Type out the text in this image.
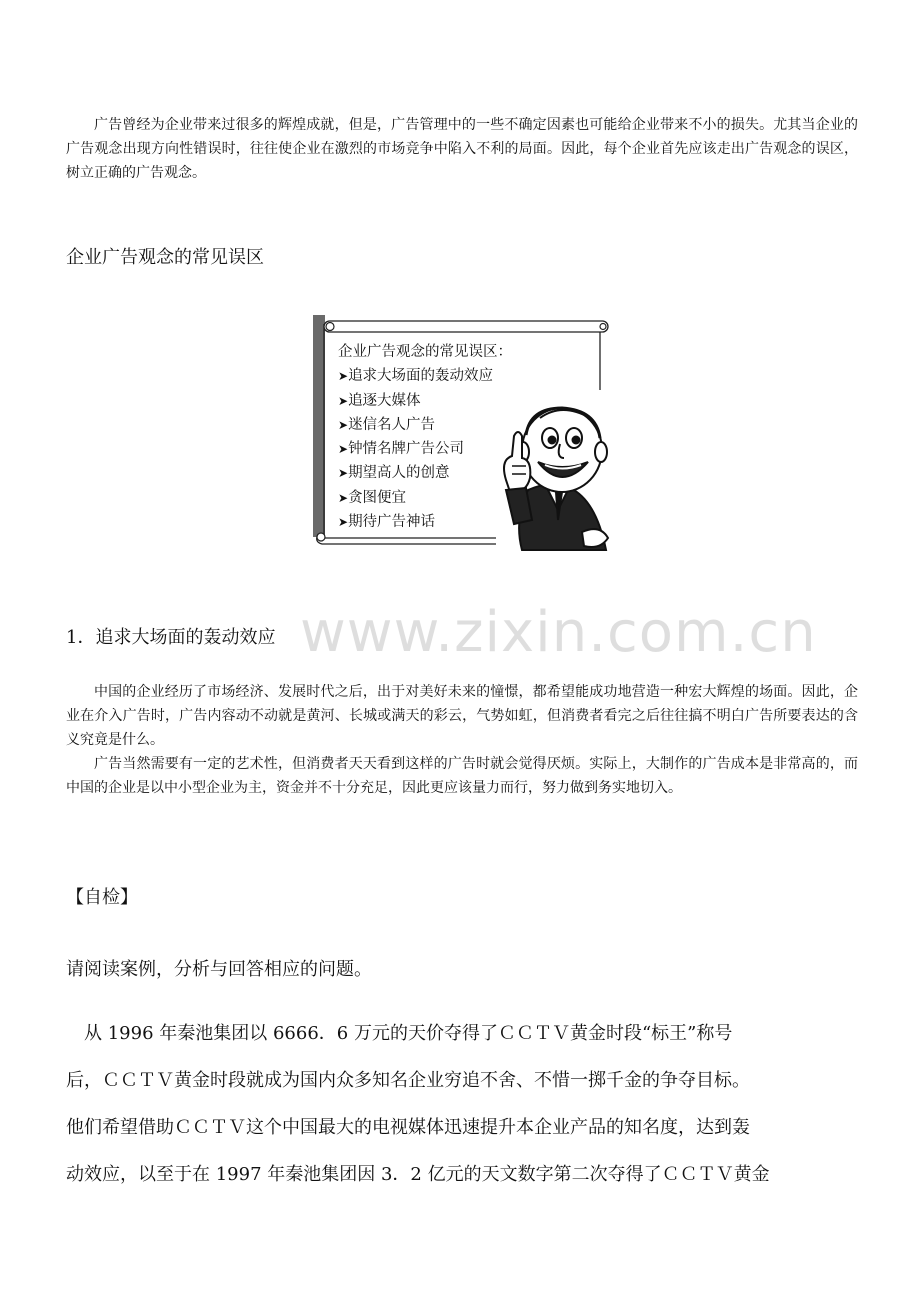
广告曾经为企业带来过很多的辉煌成就，但是，广告管理中的一些不确定因素也可能给企业带来不小的损失。尤其当企业的广告观念出现方向性错误时，往往使企业在激烈的市场竞争中陷入不利的局面。因此，每个企业首先应该走出广告观念的误区，树立正确的广告观念。

企业广告观念的常见误区
企业广告观念的常见误区：
➤追求大场面的轰动效应
➤追逐大媒体
➤迷信名人广告
➤钟情名牌广告公司
➤期望高人的创意
➤贪图便宜
➤期待广告神话
www.zixin.com.cn
1．追求大场面的轰动效应

中国的企业经历了市场经济、发展时代之后，出于对美好未来的憧憬，都希望能成功地营造一种宏大辉煌的场面。因此，企业在介入广告时，广告内容动不动就是黄河、长城或满天的彩云，气势如虹，但消费者看完之后往往搞不明白广告所要表达的含义究竟是什么。

广告当然需要有一定的艺术性，但消费者天天看到这样的广告时就会觉得厌烦。实际上，大制作的广告成本是非常高的，而中国的企业是以中小型企业为主，资金并不十分充足，因此更应该量力而行，努力做到务实地切入。

【自检】
请阅读案例，分析与回答相应的问题。
　从 1996 年秦池集团以 6666．6 万元的天价夺得了ＣＣＴＶ黄金时段“标王”称号
后，ＣＣＴＶ黄金时段就成为国内众多知名企业穷追不舍、不惜一掷千金的争夺目标。
他们希望借助ＣＣＴＶ这个中国最大的电视媒体迅速提升本企业产品的知名度，达到轰
动效应，以至于在 1997 年秦池集团因 3．2 亿元的天文数字第二次夺得了ＣＣＴＶ黄金
